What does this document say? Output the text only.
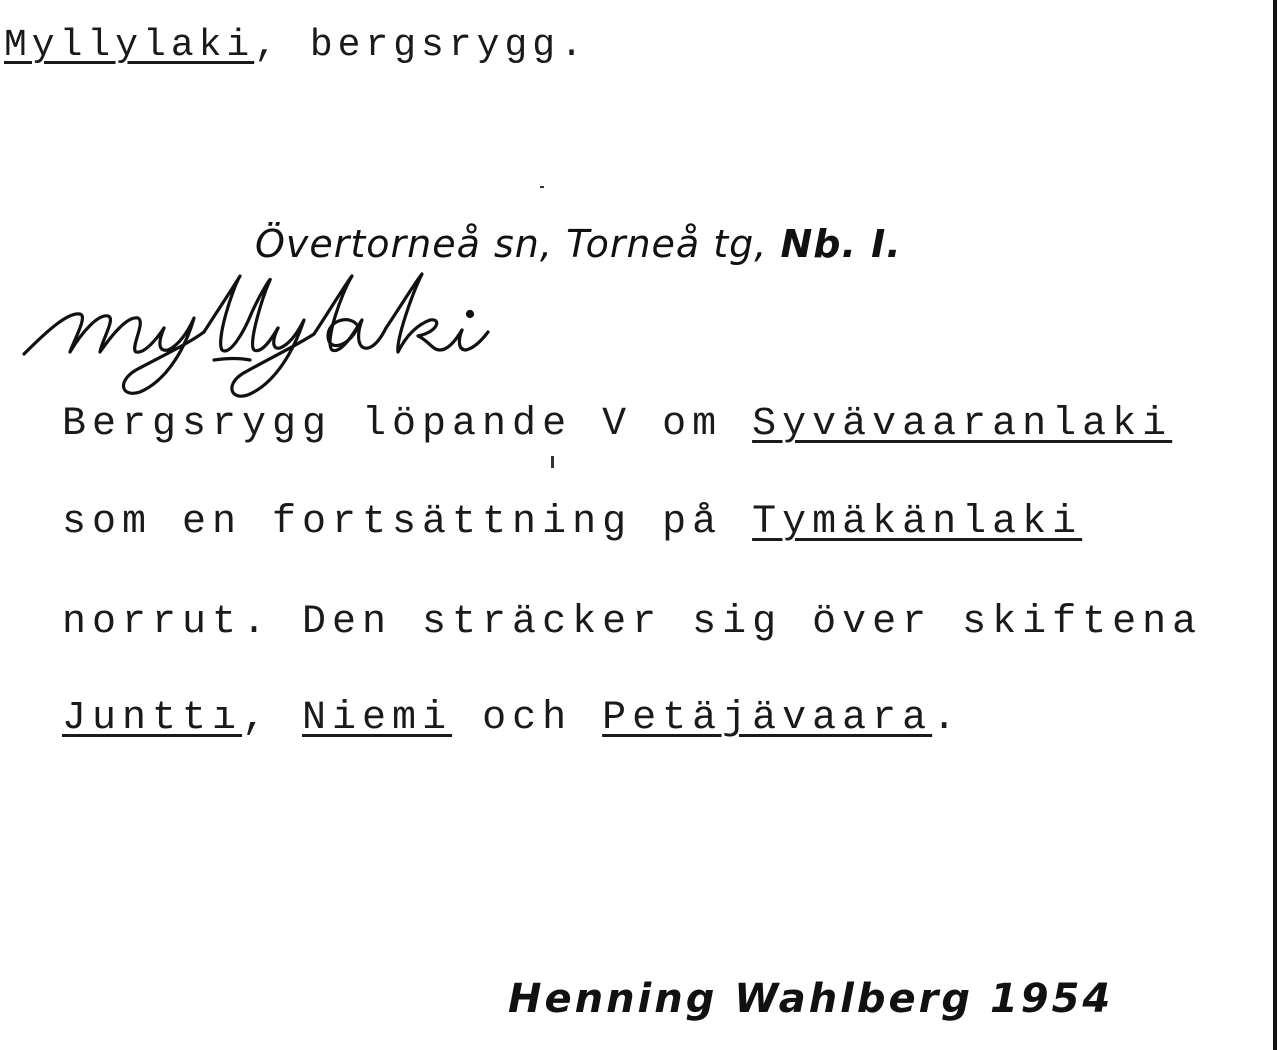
Myllylaki, bergsrygg.
Övertorneå sn, Torneå tg, Nb. I.
Bergsrygg löpande V om Syvävaaranlaki
som en fortsättning på Tymäkänlaki
norrut. Den sträcker sig över skiftena
Junttı, Niemi och Petäjävaara.
Henning Wahlberg 1954
